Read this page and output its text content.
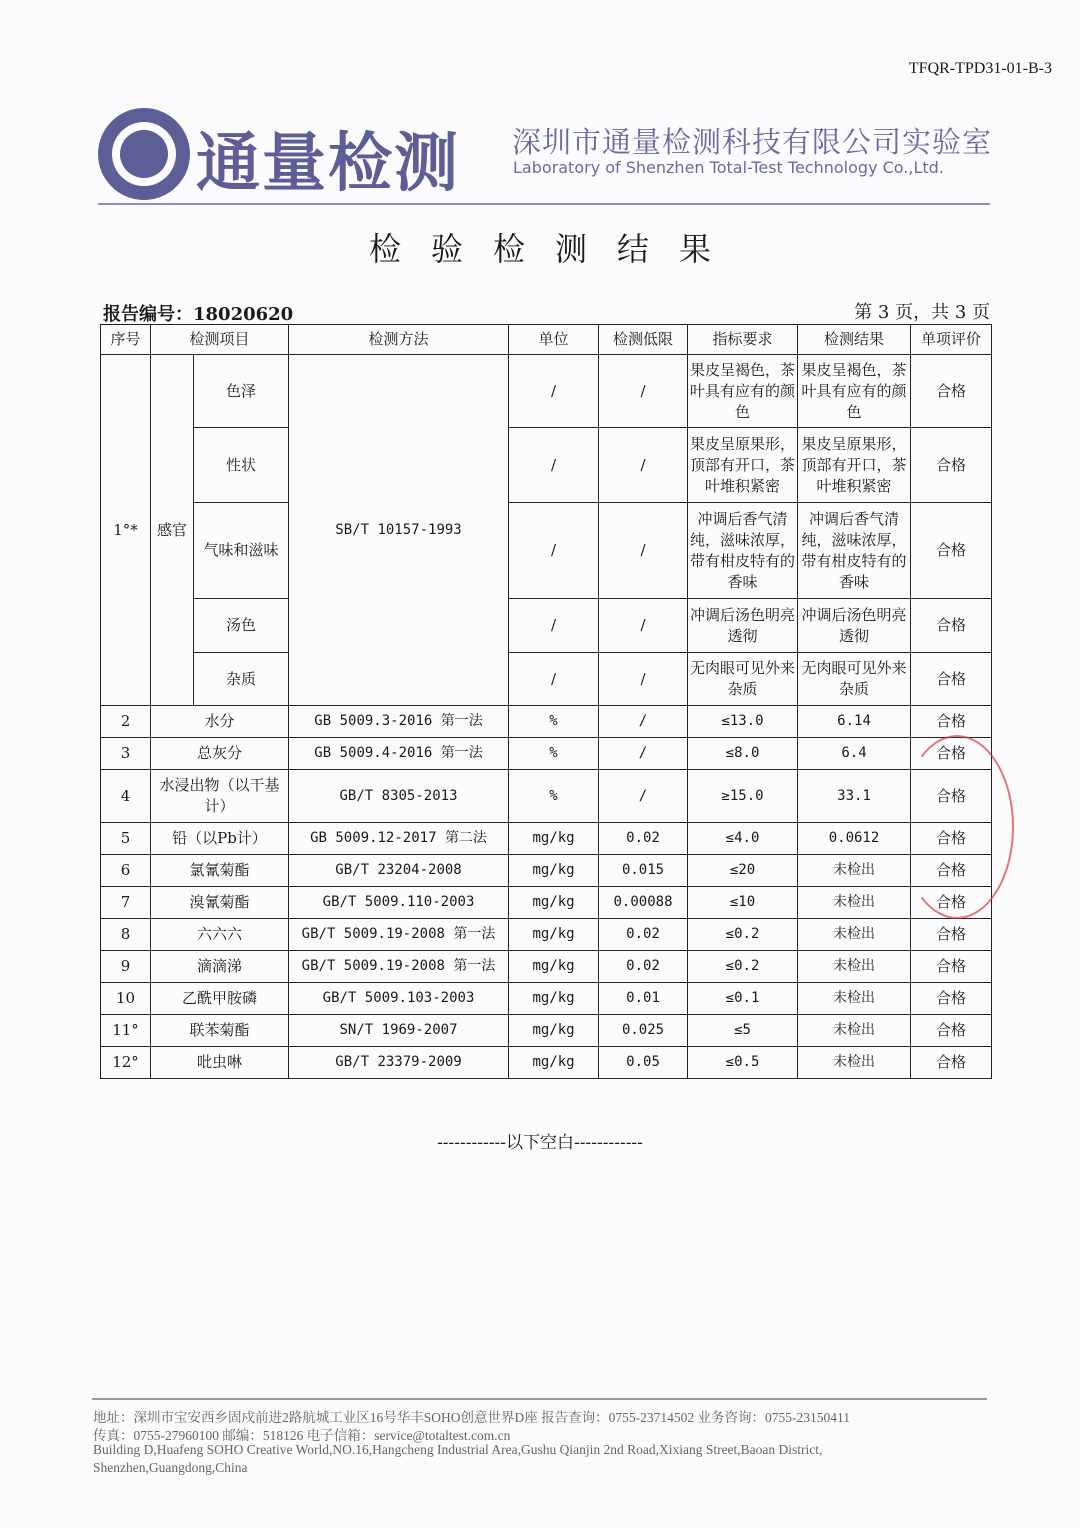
TFQR-TPD31-01-B-3
通量检测 深圳市通量检测科技有限公司实验室
Laboratory of Shenzhen Total-Test Technology Co.,Ltd.
检验检测结果
报告编号：18020620	第 3 页，共 3 页
序号	检测项目		检测方法	单位	检测低限	指标要求	检测结果	单项评价
1°*	感官	色泽	SB/T 10157-1993	/	/	果皮呈褐色，茶叶具有应有的颜色	果皮呈褐色，茶叶具有应有的颜色	合格
		性状		/	/	果皮呈原果形，顶部有开口，茶叶堆积紧密	果皮呈原果形，顶部有开口，茶叶堆积紧密	合格
		气味和滋味		/	/	冲调后香气清纯，滋味浓厚，带有柑皮特有的香味	冲调后香气清纯，滋味浓厚，带有柑皮特有的香味	合格
		汤色		/	/	冲调后汤色明亮透彻	冲调后汤色明亮透彻	合格
		杂质		/	/	无肉眼可见外来杂质	无肉眼可见外来杂质	合格
2	水分		GB 5009.3-2016 第一法	%	/	≤13.0	6.14	合格
3	总灰分		GB 5009.4-2016 第一法	%	/	≤8.0	6.4	合格
4	水浸出物（以干基计）		GB/T 8305-2013	%	/	≥15.0	33.1	合格
5	铅（以Pb计）		GB 5009.12-2017 第二法	mg/kg	0.02	≤4.0	0.0612	合格
6	氯氰菊酯		GB/T 23204-2008	mg/kg	0.015	≤20	未检出	合格
7	溴氰菊酯		GB/T 5009.110-2003	mg/kg	0.00088	≤10	未检出	合格
8	六六六		GB/T 5009.19-2008 第一法	mg/kg	0.02	≤0.2	未检出	合格
9	滴滴涕		GB/T 5009.19-2008 第一法	mg/kg	0.02	≤0.2	未检出	合格
10	乙酰甲胺磷		GB/T 5009.103-2003	mg/kg	0.01	≤0.1	未检出	合格
11°	联苯菊酯		SN/T 1969-2007	mg/kg	0.025	≤5	未检出	合格
12°	吡虫啉		GB/T 23379-2009	mg/kg	0.05	≤0.5	未检出	合格
------------以下空白------------
地址：深圳市宝安西乡固戍前进2路航城工业区16号华丰SOHO创意世界D座 报告查询：0755-23714502 业务咨询：0755-23150411
传真：0755-27960100 邮编：518126 电子信箱：service@totaltest.com.cn
Building D,Huafeng SOHO Creative World,NO.16,Hangcheng Industrial Area,Gushu Qianjin 2nd Road,Xixiang Street,Baoan District,
Shenzhen,Guangdong,China
